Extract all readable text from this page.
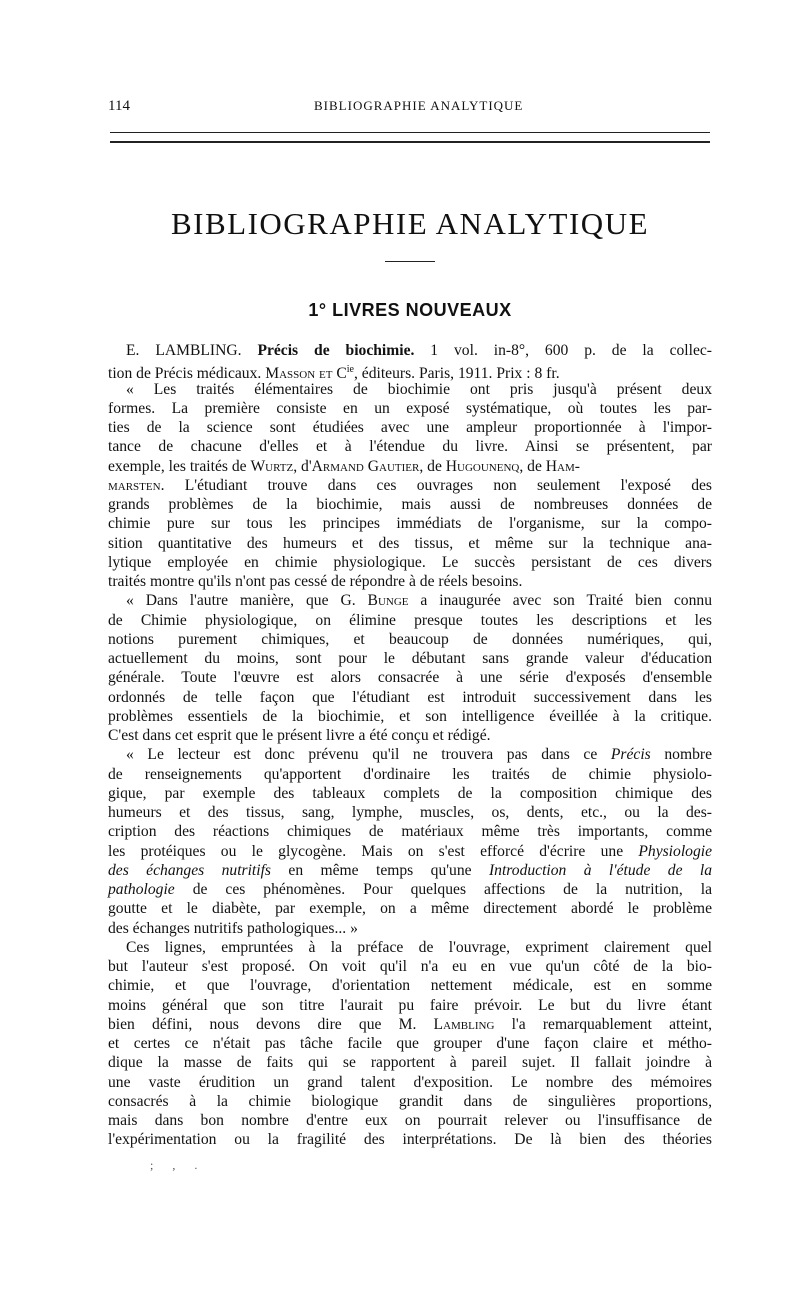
114	BIBLIOGRAPHIE ANALYTIQUE
BIBLIOGRAPHIE ANALYTIQUE
1° LIVRES NOUVEAUX
E. LAMBLING. Précis de biochimie. 1 vol. in-8°, 600 p. de la collec-
tion de Précis médicaux. Masson et $C^{ie}$, éditeurs. Paris, 1911. Prix : 8 fr.
« Les traités élémentaires de biochimie ont pris jusqu'à présent deux
formes. La première consiste en un exposé systématique, où toutes les par-
ties de la science sont étudiées avec une ampleur proportionnée à l'impor-
tance de chacune d'elles et à l'étendue du livre. Ainsi se présentent, par
exemple, les traités de Wurtz, d'Armand Gautier, de Hugounenq, de Ham-
marsten. L'étudiant trouve dans ces ouvrages non seulement l'exposé des
grands problèmes de la biochimie, mais aussi de nombreuses données de
chimie pure sur tous les principes immédiats de l'organisme, sur la compo-
sition quantitative des humeurs et des tissus, et même sur la technique ana-
lytique employée en chimie physiologique. Le succès persistant de ces divers
traités montre qu'ils n'ont pas cessé de répondre à de réels besoins.
« Dans l'autre manière, que G. Bunge a inaugurée avec son Traité bien connu
de Chimie physiologique, on élimine presque toutes les descriptions et les
notions purement chimiques, et beaucoup de données numériques, qui,
actuellement du moins, sont pour le débutant sans grande valeur d'éducation
générale. Toute l'œuvre est alors consacrée à une série d'exposés d'ensemble
ordonnés de telle façon que l'étudiant est introduit successivement dans les
problèmes essentiels de la biochimie, et son intelligence éveillée à la critique.
C'est dans cet esprit que le présent livre a été conçu et rédigé.
« Le lecteur est donc prévenu qu'il ne trouvera pas dans ce Précis nombre
de renseignements qu'apportent d'ordinaire les traités de chimie physiolo-
gique, par exemple des tableaux complets de la composition chimique des
humeurs et des tissus, sang, lymphe, muscles, os, dents, etc., ou la des-
cription des réactions chimiques de matériaux même très importants, comme
les protéiques ou le glycogène. Mais on s'est efforcé d'écrire une Physiologie
des échanges nutritifs en même temps qu'une Introduction à l'étude de la
pathologie de ces phénomènes. Pour quelques affections de la nutrition, la
goutte et le diabète, par exemple, on a même directement abordé le problème
des échanges nutritifs pathologiques... »
Ces lignes, empruntées à la préface de l'ouvrage, expriment clairement quel
but l'auteur s'est proposé. On voit qu'il n'a eu en vue qu'un côté de la bio-
chimie, et que l'ouvrage, d'orientation nettement médicale, est en somme
moins général que son titre l'aurait pu faire prévoir. Le but du livre étant
bien défini, nous devons dire que M. Lambling l'a remarquablement atteint,
et certes ce n'était pas tâche facile que grouper d'une façon claire et métho-
dique la masse de faits qui se rapportent à pareil sujet. Il fallait joindre à
une vaste érudition un grand talent d'exposition. Le nombre des mémoires
consacrés à la chimie biologique grandit dans de singulières proportions,
mais dans bon nombre d'entre eux on pourrait relever ou l'insuffisance de
l'expérimentation ou la fragilité des interprétations. De là bien des théories
; , .
